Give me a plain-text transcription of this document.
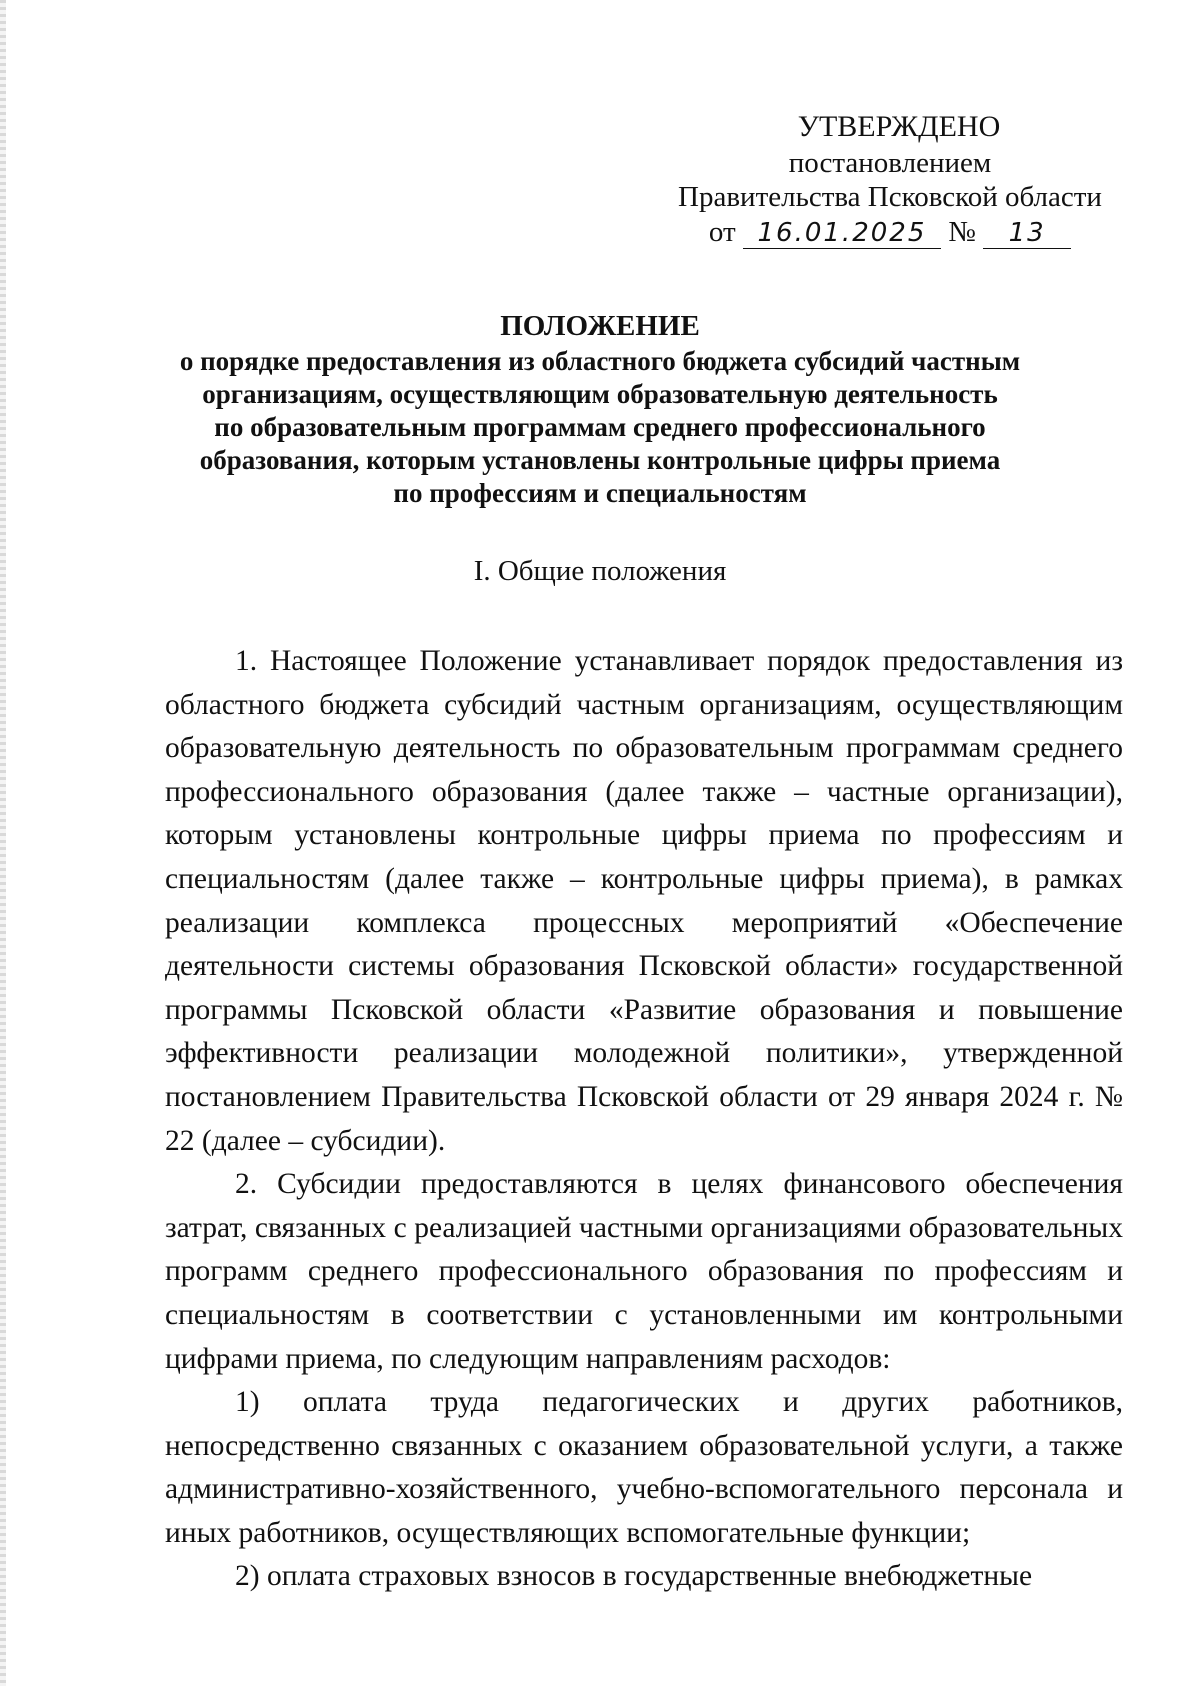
УТВЕРЖДЕНО
постановлением
Правительства Псковской области
от 16.01.2025 № 13
ПОЛОЖЕНИЕ
о порядке предоставления из областного бюджета субсидий частным
организациям, осуществляющим образовательную деятельность
по образовательным программам среднего профессионального
образования, которым установлены контрольные цифры приема
по профессиям и специальностям
I. Общие положения

1. Настоящее Положение устанавливает порядок предоставления из областного бюджета субсидий частным организациям, осуществляющим образовательную деятельность по образовательным программам среднего профессионального образования (далее также – частные организации), которым установлены контрольные цифры приема по профессиям и специальностям (далее также – контрольные цифры приема), в рамках реализации комплекса процессных мероприятий «Обеспечение деятельности системы образования Псковской области» государственной программы Псковской области «Развитие образования и повышение эффективности реализации молодежной политики», утвержденной постановлением Правительства Псковской области от 29 января 2024 г. № 22 (далее – субсидии).

2. Субсидии предоставляются в целях финансового обеспечения затрат, связанных с реализацией частными организациями образовательных программ среднего профессионального образования по профессиям и специальностям в соответствии с установленными им контрольными цифрами приема, по следующим направлениям расходов:

1) оплата труда педагогических и других работников, непосредственно связанных с оказанием образовательной услуги, а также административно-хозяйственного, учебно-вспомогательного персонала и иных работников, осуществляющих вспомогательные функции;

2) оплата страховых взносов в государственные внебюджетные
